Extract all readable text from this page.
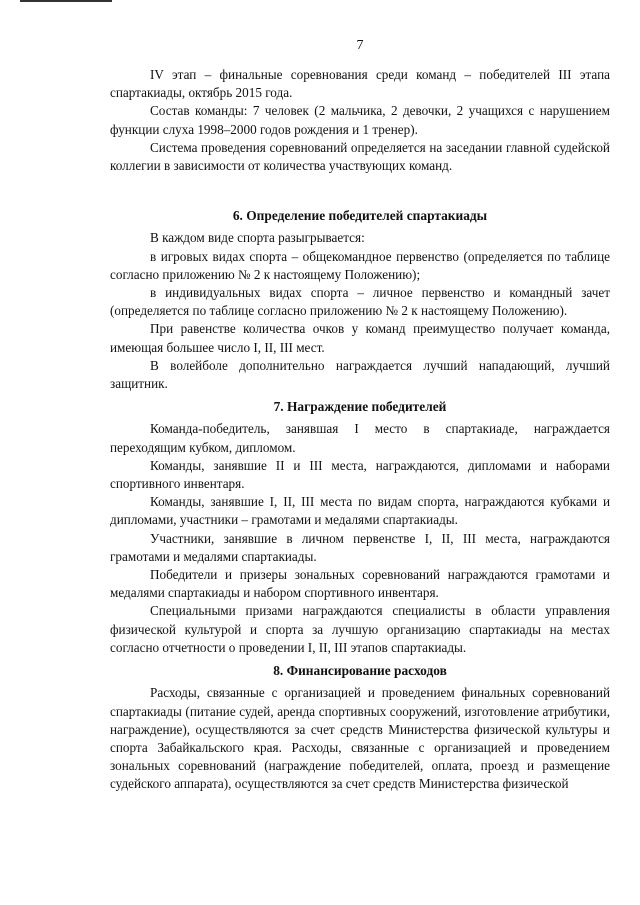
7

IV этап – финальные соревнования среди команд – победителей III этапа спартакиады, октябрь 2015 года.

Состав команды: 7 человек (2 мальчика, 2 девочки, 2 учащихся с нарушением функции слуха 1998–2000 годов рождения и 1 тренер).

Система проведения соревнований определяется на заседании главной судейской коллегии в зависимости от количества участвующих команд.

6. Определение победителей спартакиады

В каждом виде спорта разыгрывается:

в игровых видах спорта – общекомандное первенство (определяется по таблице согласно приложению № 2 к настоящему Положению);

в индивидуальных видах спорта – личное первенство и командный зачет (определяется по таблице согласно приложению № 2 к настоящему Положению).

При равенстве количества очков у команд преимущество получает команда, имеющая большее число I, II, III мест.

В волейболе дополнительно награждается лучший нападающий, лучший защитник.

7. Награждение победителей

Команда-победитель, занявшая I место в спартакиаде, награждается переходящим кубком, дипломом.

Команды, занявшие II и III места, награждаются, дипломами и наборами спортивного инвентаря.

Команды, занявшие I, II, III места по видам спорта, награждаются кубками и дипломами, участники – грамотами и медалями спартакиады.

Участники, занявшие в личном первенстве I, II, III места, награждаются грамотами и медалями спартакиады.

Победители и призеры зональных соревнований награждаются грамотами и медалями спартакиады и набором спортивного инвентаря.

Специальными призами награждаются специалисты в области управления физической культурой и спорта за лучшую организацию спартакиады на местах согласно отчетности о проведении I, II, III этапов спартакиады.

8. Финансирование расходов

Расходы, связанные с организацией и проведением финальных соревнований спартакиады (питание судей, аренда спортивных сооружений, изготовление атрибутики, награждение), осуществляются за счет средств Министерства физической культуры и спорта Забайкальского края. Расходы, связанные с организацией и проведением зональных соревнований (награждение победителей, оплата, проезд и размещение судейского аппарата), осуществляются за счет средств Министерства физической
